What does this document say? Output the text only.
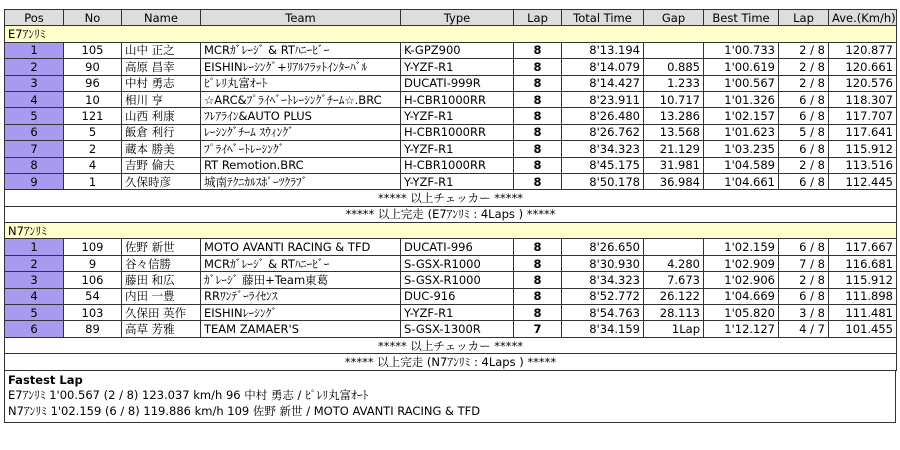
Pos	No	Name	Team	Type	Lap	Total Time	Gap	Best Time	Lap	Ave.(Km/h)
E7ｱﾝﾘﾐ										
1	105	山中 正之	MCRｶﾞﾚｰｼﾞ & RTﾊﾆｰﾋﾞｰ	K-GPZ900	8	8'13.194		1'00.733	2 / 8	120.877
2	90	高原 昌幸	EISHINﾚｰｼﾝｸﾞ+ﾘｱﾙﾌﾗｯﾄｲﾝﾀｰﾊﾞﾙ	Y-YZF-R1	8	8'14.079	0.885	1'00.619	2 / 8	120.661
3	96	中村 勇志	ﾋﾟﾚﾘ丸富ｵｰﾄ	DUCATI-999R	8	8'14.427	1.233	1'00.567	2 / 8	120.576
4	10	相川 亨	☆ARC&ﾌﾟﾗｲﾍﾞｰﾄﾚｰｼﾝｸﾞﾁｰﾑ☆.BRC	H-CBR1000RR	8	8'23.911	10.717	1'01.326	6 / 8	118.307
5	121	山西 利康	ﾌﾚｱﾗｲﾝ&AUTO PLUS	Y-YZF-R1	8	8'26.480	13.286	1'02.157	6 / 8	117.707
6	5	飯倉 利行	ﾚｰｼﾝｸﾞﾁｰﾑ ｽｳｨﾝｸﾞ	H-CBR1000RR	8	8'26.762	13.568	1'01.623	5 / 8	117.641
7	2	蔵本 勝美	ﾌﾟﾗｲﾍﾞｰﾄﾚｰｼﾝｸﾞ	Y-YZF-R1	8	8'34.323	21.129	1'03.235	6 / 8	115.912
8	4	吉野 倫夫	RT Remotion.BRC	H-CBR1000RR	8	8'45.175	31.981	1'04.589	2 / 8	113.516
9	1	久保時彦	城南ﾃｸﾆｶﾙｽﾎﾟｰﾂｸﾗﾌﾞ	Y-YZF-R1	8	8'50.178	36.984	1'04.661	6 / 8	112.445
***** 以上チェッカー *****										
***** 以上完走 (E7ｱﾝﾘﾐ : 4Laps ) *****										
N7ｱﾝﾘﾐ										
1	109	佐野 新世	MOTO AVANTI RACING & TFD	DUCATI-996	8	8'26.650		1'02.159	6 / 8	117.667
2	9	谷々信勝	MCRｶﾞﾚｰｼﾞ & RTﾊﾆｰﾋﾞｰ	S-GSX-R1000	8	8'30.930	4.280	1'02.909	7 / 8	116.681
3	106	藤田 和広	ｶﾞﾚｰｼﾞ 藤田+Team東葛	S-GSX-R1000	8	8'34.323	7.673	1'02.906	2 / 8	115.912
4	54	内田 一豊	RRﾜﾝﾃﾞｰﾗｲｾﾝｽ	DUC-916	8	8'52.772	26.122	1'04.669	6 / 8	111.898
5	103	久保田 英作	EISHINﾚｰｼﾝｸﾞ	Y-YZF-R1	8	8'54.763	28.113	1'05.820	3 / 8	111.481
6	89	高草 芳雅	TEAM ZAMAER'S	S-GSX-1300R	7	8'34.159	1Lap	1'12.127	4 / 7	101.455
***** 以上チェッカー *****										
***** 以上完走 (N7ｱﾝﾘﾐ : 4Laps ) *****										
Fastest Lap
E7ｱﾝﾘﾐ 1'00.567 (2 / 8) 123.037 km/h 96 中村 勇志 / ﾋﾟﾚﾘ丸富ｵｰﾄ
N7ｱﾝﾘﾐ 1'02.159 (6 / 8) 119.886 km/h 109 佐野 新世 / MOTO AVANTI RACING & TFD
